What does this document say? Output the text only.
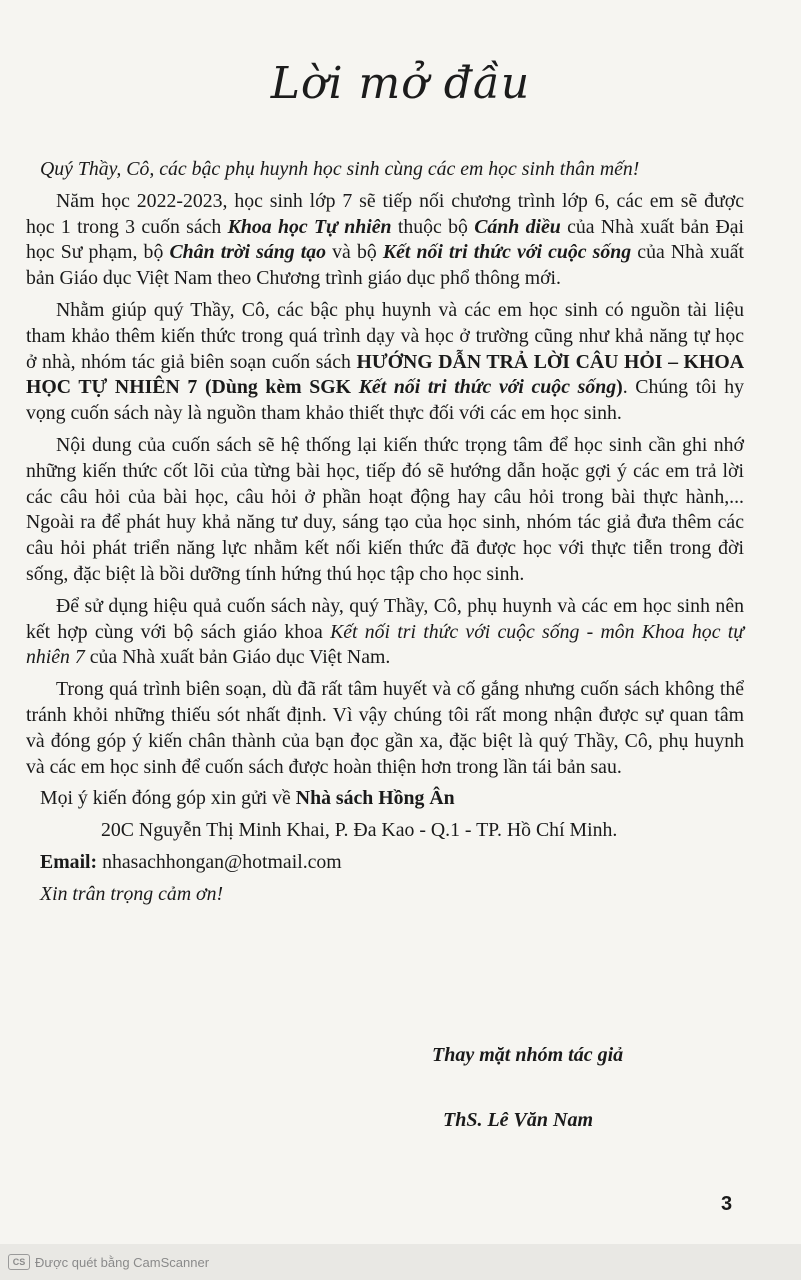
Lời mở đầu

Quý Thầy, Cô, các bậc phụ huynh học sinh cùng các em học sinh thân mến!

Năm học 2022-2023, học sinh lớp 7 sẽ tiếp nối chương trình lớp 6, các em sẽ được học 1 trong 3 cuốn sách Khoa học Tự nhiên thuộc bộ Cánh diều của Nhà xuất bản Đại học Sư phạm, bộ Chân trời sáng tạo và bộ Kết nối tri thức với cuộc sống của Nhà xuất bản Giáo dục Việt Nam theo Chương trình giáo dục phổ thông mới.

Nhằm giúp quý Thầy, Cô, các bậc phụ huynh và các em học sinh có nguồn tài liệu tham khảo thêm kiến thức trong quá trình dạy và học ở trường cũng như khả năng tự học ở nhà, nhóm tác giả biên soạn cuốn sách HƯỚNG DẪN TRẢ LỜI CÂU HỎI – KHOA HỌC TỰ NHIÊN 7 (Dùng kèm SGK Kết nối tri thức với cuộc sống). Chúng tôi hy vọng cuốn sách này là nguồn tham khảo thiết thực đối với các em học sinh.

Nội dung của cuốn sách sẽ hệ thống lại kiến thức trọng tâm để học sinh cần ghi nhớ những kiến thức cốt lõi của từng bài học, tiếp đó sẽ hướng dẫn hoặc gợi ý các em trả lời các câu hỏi của bài học, câu hỏi ở phần hoạt động hay câu hỏi trong bài thực hành,... Ngoài ra để phát huy khả năng tư duy, sáng tạo của học sinh, nhóm tác giả đưa thêm các câu hỏi phát triển năng lực nhằm kết nối kiến thức đã được học với thực tiễn trong đời sống, đặc biệt là bồi dưỡng tính hứng thú học tập cho học sinh.

Để sử dụng hiệu quả cuốn sách này, quý Thầy, Cô, phụ huynh và các em học sinh nên kết hợp cùng với bộ sách giáo khoa Kết nối tri thức với cuộc sống - môn Khoa học tự nhiên 7 của Nhà xuất bản Giáo dục Việt Nam.

Trong quá trình biên soạn, dù đã rất tâm huyết và cố gắng nhưng cuốn sách không thể tránh khỏi những thiếu sót nhất định. Vì vậy chúng tôi rất mong nhận được sự quan tâm và đóng góp ý kiến chân thành của bạn đọc gần xa, đặc biệt là quý Thầy, Cô, phụ huynh và các em học sinh để cuốn sách được hoàn thiện hơn trong lần tái bản sau.

Mọi ý kiến đóng góp xin gửi về Nhà sách Hồng Ân

20C Nguyễn Thị Minh Khai, P. Đa Kao - Q.1 - TP. Hồ Chí Minh.

Email: nhasachhongan@hotmail.com

Xin trân trọng cảm ơn!

Thay mặt nhóm tác giả
ThS. Lê Văn Nam
3
CS Được quét bằng CamScanner
